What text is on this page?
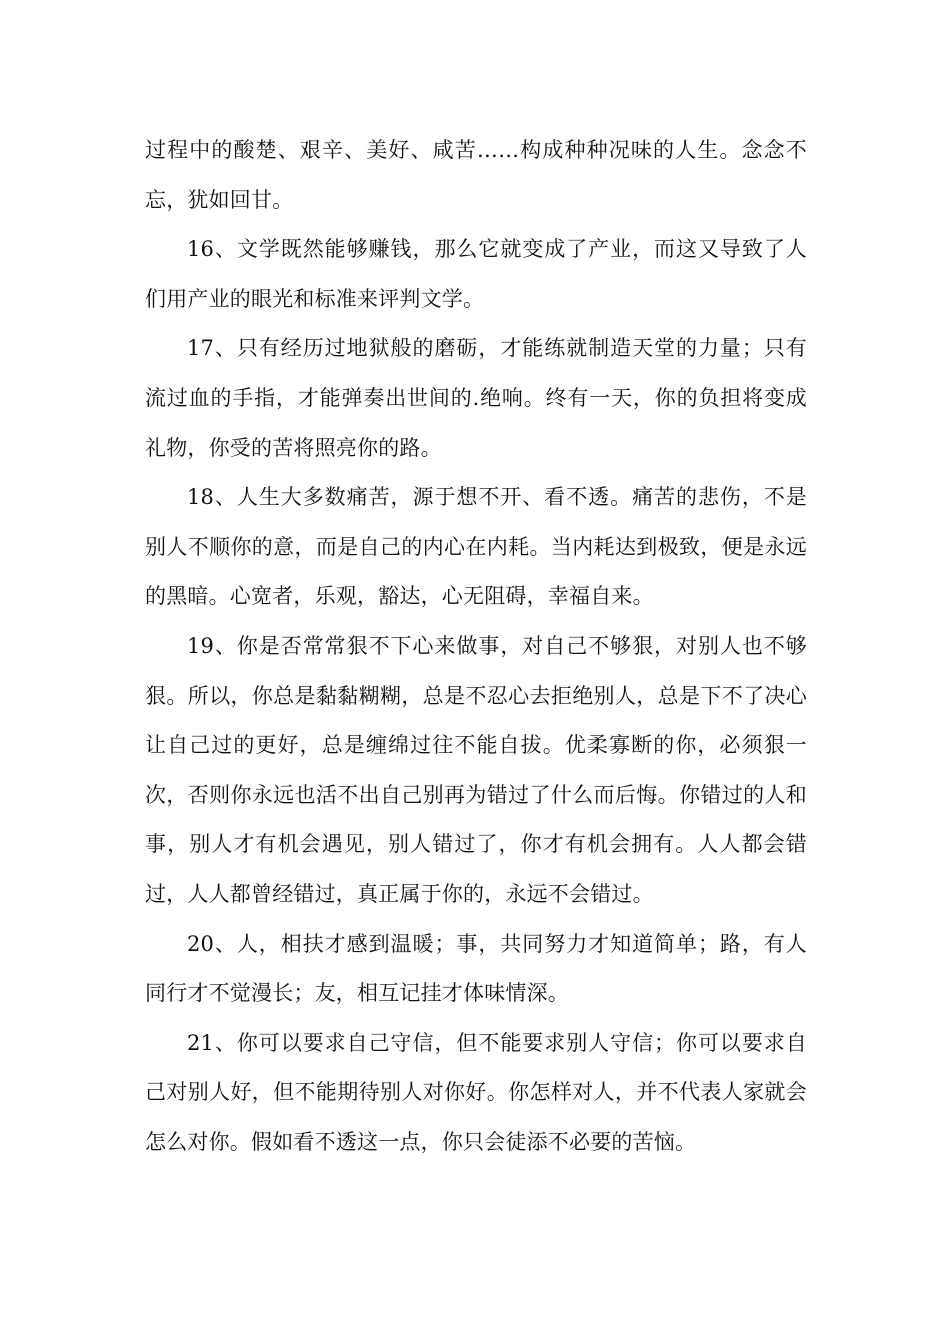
过程中的酸楚、艰辛、美好、咸苦……构成种种况味的人生。念念不忘，犹如回甘。

16、文学既然能够赚钱，那么它就变成了产业，而这又导致了人们用产业的眼光和标准来评判文学。

17、只有经历过地狱般的磨砺，才能练就制造天堂的力量；只有流过血的手指，才能弹奏出世间的.绝响。终有一天，你的负担将变成礼物，你受的苦将照亮你的路。

18、人生大多数痛苦，源于想不开、看不透。痛苦的悲伤，不是别人不顺你的意，而是自己的内心在内耗。当内耗达到极致，便是永远的黑暗。心宽者，乐观，豁达，心无阻碍，幸福自来。

19、你是否常常狠不下心来做事，对自己不够狠，对别人也不够狠。所以，你总是黏黏糊糊，总是不忍心去拒绝别人，总是下不了决心让自己过的更好，总是缠绵过往不能自拔。优柔寡断的你，必须狠一次，否则你永远也活不出自己别再为错过了什么而后悔。你错过的人和事，别人才有机会遇见，别人错过了，你才有机会拥有。人人都会错过，人人都曾经错过，真正属于你的，永远不会错过。

20、人，相扶才感到温暖；事，共同努力才知道简单；路，有人同行才不觉漫长；友，相互记挂才体味情深。

21、你可以要求自己守信，但不能要求别人守信；你可以要求自己对别人好，但不能期待别人对你好。你怎样对人，并不代表人家就会怎么对你。假如看不透这一点，你只会徒添不必要的苦恼。
